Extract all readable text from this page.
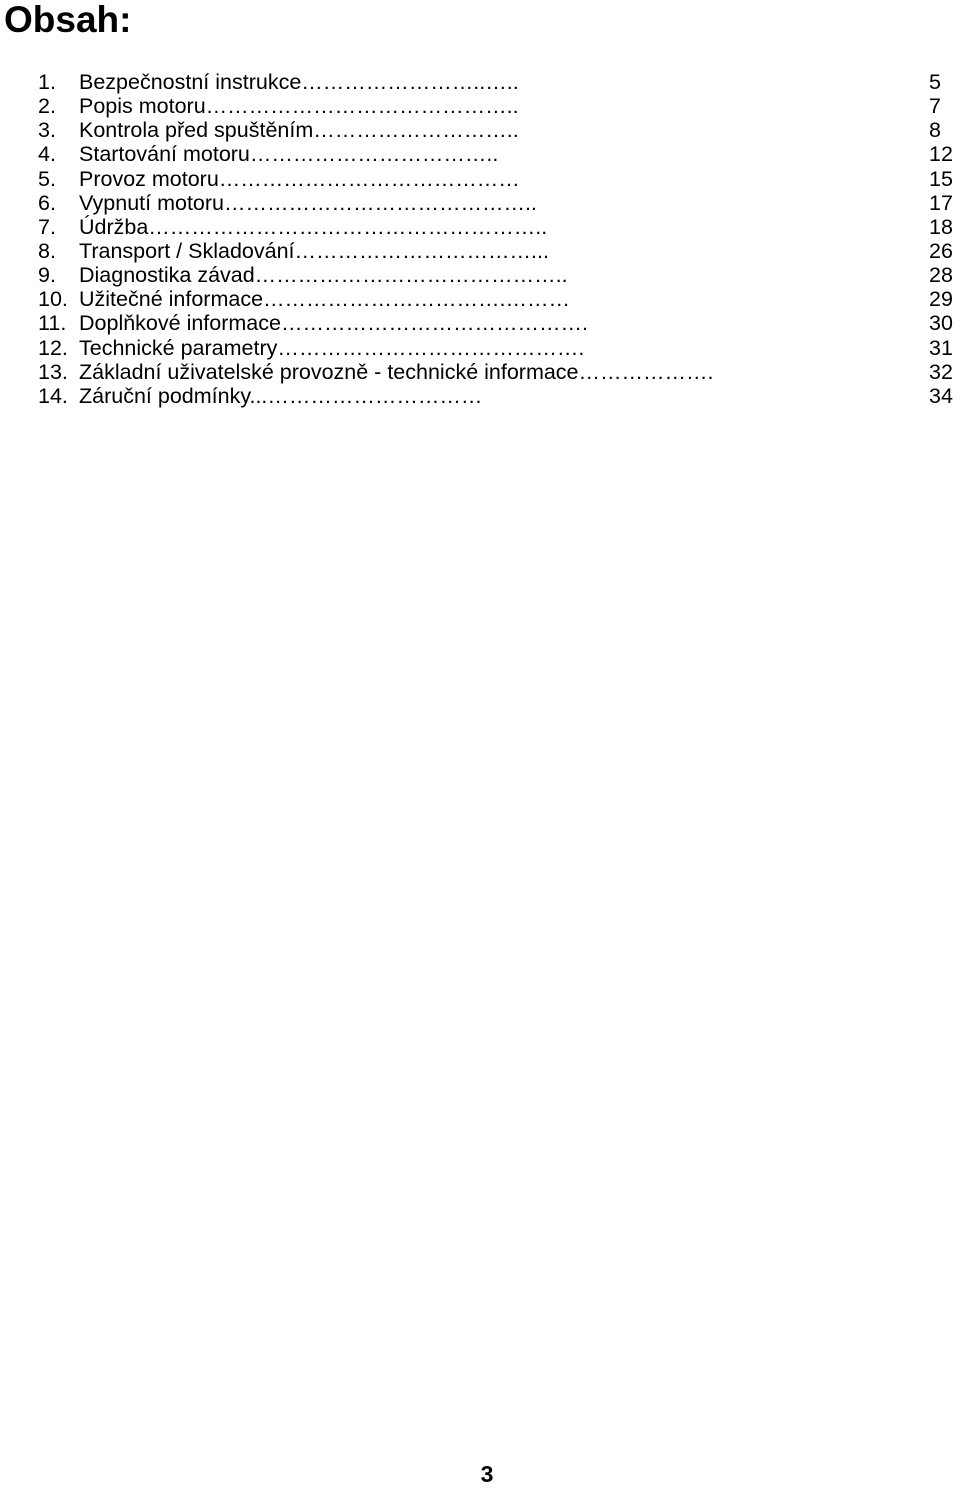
Obsah:
1. Bezpečnostní instrukce……………………..…..	5
2. Popis motoru……………………………………..	7
3. Kontrola před spuštěním………………………..	8
4. Startování motoru……………………………..	12
5. Provoz motoru……………………………………	15
6. Vypnutí motoru……………………………………..	17
7. Údržba………………………………………………..	18
8. Transport / Skladování……………………………...	26
9. Diagnostika závad……………………………………..	28
10. Užitečné informace…………………………….………	29
11. Doplňkové informace…………………………………….	30
12. Technické parametry…………………………………….	31
13. Základní uživatelské provozně - technické informace……………….	32
14. Záruční podmínky...…………………………	34
3
